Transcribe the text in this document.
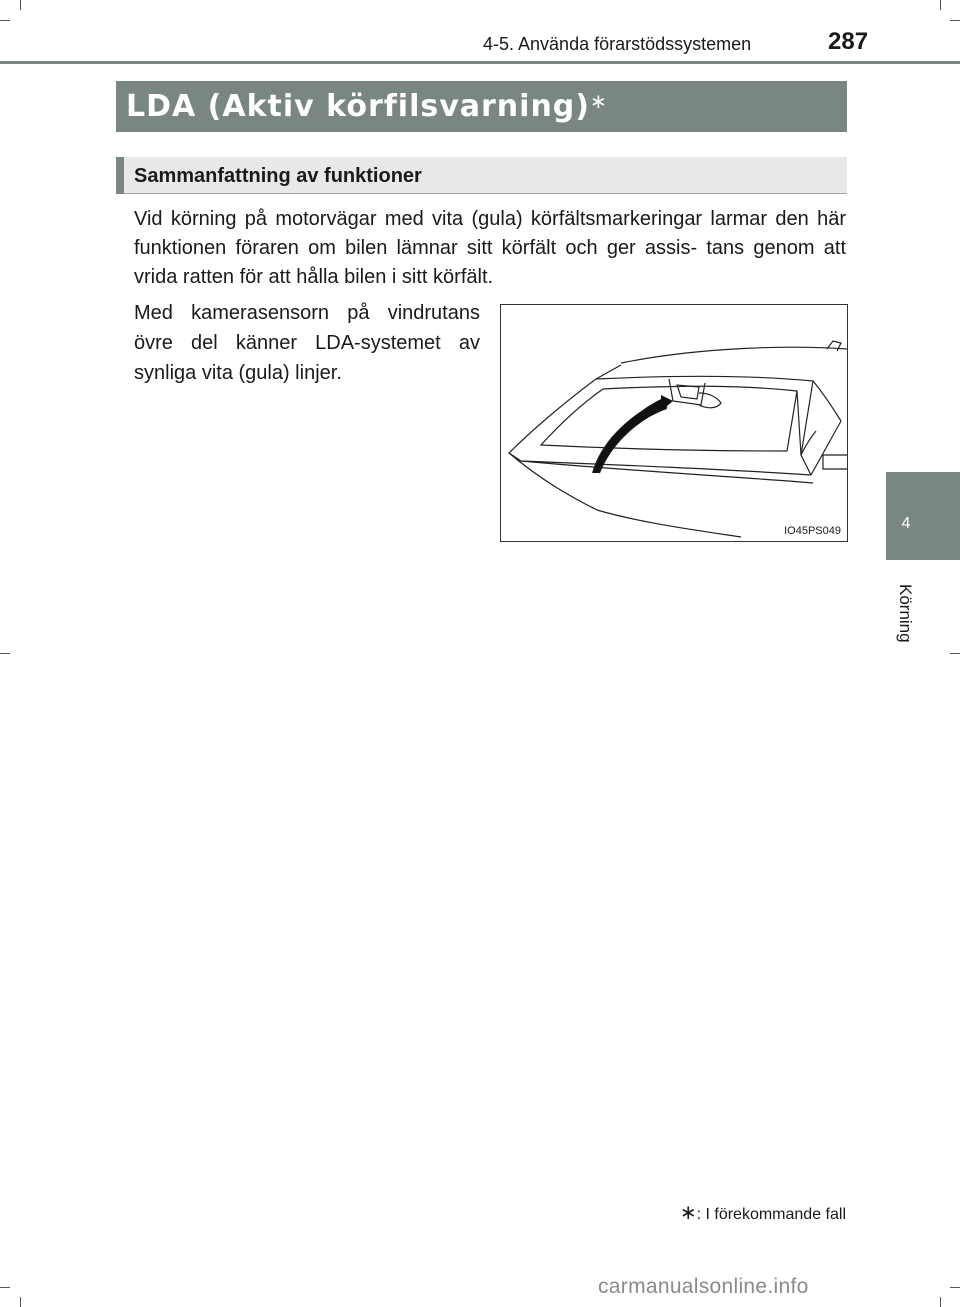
4-5. Använda förarstödssystemen	287
4
Körning
LDA (Aktiv körfilsvarning)∗
Sammanfattning av funktioner

Vid körning på motorvägar med vita (gula) körfältsmarkeringar larmar den här funktionen föraren om bilen lämnar sitt körfält och ger assis- tans genom att vrida ratten för att hålla bilen i sitt körfält.

Med kamerasensorn på vindrutans övre del känner LDA-systemet av synliga vita (gula) linjer.

IO45PS049
∗: I förekommande fall
carmanualsonline.info
